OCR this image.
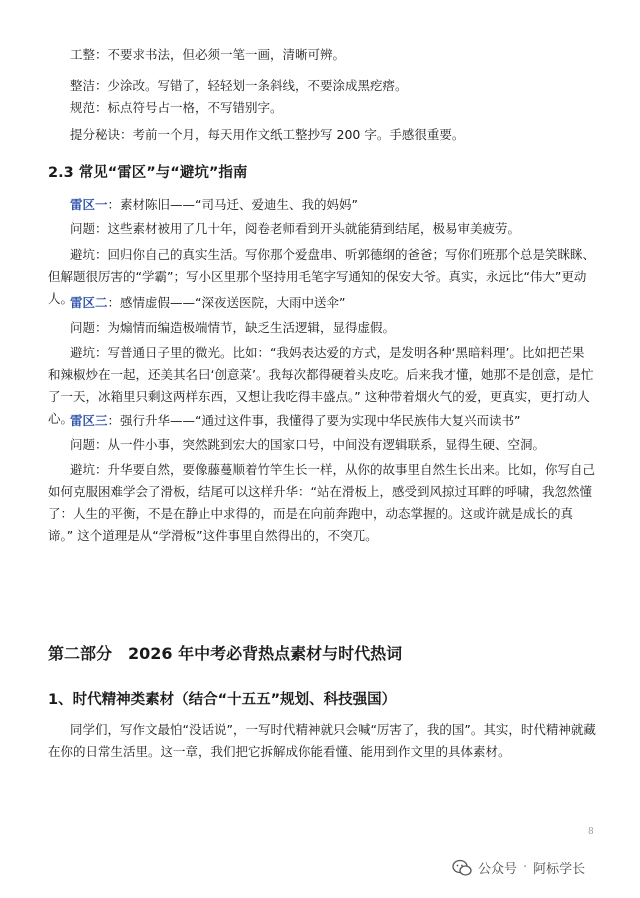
工整：不要求书法，但必须一笔一画，清晰可辨。

整洁：少涂改。写错了，轻轻划一条斜线，不要涂成黑疙瘩。

规范：标点符号占一格，不写错别字。

提分秘诀：考前一个月，每天用作文纸工整抄写 200 字。手感很重要。

2.3 常见“雷区”与“避坑”指南

雷区一：素材陈旧——“司马迁、爱迪生、我的妈妈”

问题：这些素材被用了几十年，阅卷老师看到开头就能猜到结尾，极易审美疲劳。

避坑：回归你自己的真实生活。写你那个爱盘串、听郭德纲的爸爸；写你们班那个总是笑眯眯、但解题很厉害的“学霸”；写小区里那个坚持用毛笔字写通知的保安大爷。真实，永远比“伟大”更动人。

雷区二：感情虚假——“深夜送医院，大雨中送伞”

问题：为煽情而编造极端情节，缺乏生活逻辑，显得虚假。

避坑：写普通日子里的微光。比如：“我妈表达爱的方式，是发明各种‘黑暗料理’。比如把芒果和辣椒炒在一起，还美其名曰‘创意菜’。我每次都得硬着头皮吃。后来我才懂，她那不是创意，是忙了一天，冰箱里只剩这两样东西，又想让我吃得丰盛点。” 这种带着烟火气的爱，更真实，更打动人心。

雷区三：强行升华——“通过这件事，我懂得了要为实现中华民族伟大复兴而读书”

问题：从一件小事，突然跳到宏大的国家口号，中间没有逻辑联系，显得生硬、空洞。

避坑：升华要自然，要像藤蔓顺着竹竿生长一样，从你的故事里自然生长出来。比如，你写自己如何克服困难学会了滑板，结尾可以这样升华：“站在滑板上，感受到风掠过耳畔的呼啸，我忽然懂了：人生的平衡，不是在静止中求得的，而是在向前奔跑中，动态掌握的。这或许就是成长的真谛。” 这个道理是从“学滑板”这件事里自然得出的，不突兀。

第二部分 2026 年中考必背热点素材与时代热词
1、时代精神类素材（结合“十五五”规划、科技强国）

同学们，写作文最怕“没话说”，一写时代精神就只会喊“厉害了，我的国”。其实，时代精神就藏在你的日常生活里。这一章，我们把它拆解成你能看懂、能用到作文里的具体素材。

8
公众号 · 阿标学长
